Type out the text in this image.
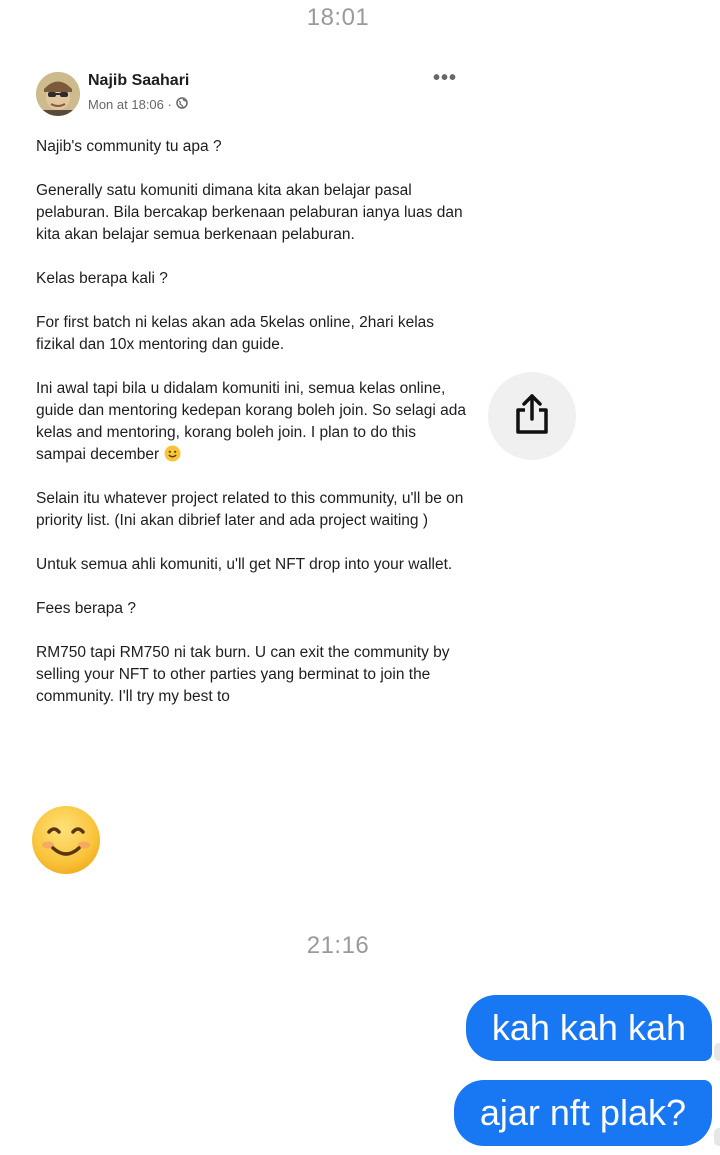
18:01
Najib Saahari
Mon at 18:06 ·
•••

Najib's community tu apa ?

Generally satu komuniti dimana kita akan belajar pasal pelaburan. Bila bercakap berkenaan pelaburan ianya luas dan kita akan belajar semua berkenaan pelaburan.

Kelas berapa kali ?

For first batch ni kelas akan ada 5kelas online, 2hari kelas fizikal dan 10x mentoring dan guide.

Ini awal tapi bila u didalam komuniti ini, semua kelas online, guide dan mentoring kedepan korang boleh join. So selagi ada kelas and mentoring, korang boleh join. I plan to do this sampai december

Selain itu whatever project related to this community, u'll be on priority list. (Ini akan dibrief later and ada project waiting )

Untuk semua ahli komuniti, u'll get NFT drop into your wallet.

Fees berapa ?

RM750 tapi RM750 ni tak burn. U can exit the community by selling your NFT to other parties yang berminat to join the community. I'll try my best to

21:16
kah kah kah
ajar nft plak?
